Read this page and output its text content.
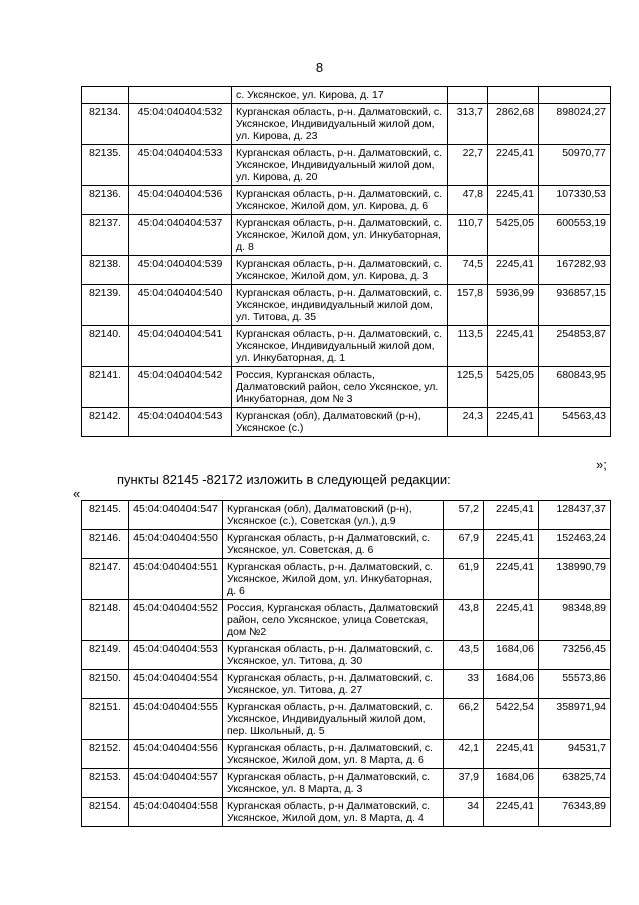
8
		с. Уксянское, ул. Кирова, д. 17			
82134.	45:04:040404:532	Курганская область, р-н. Далматовский, с. Уксянское, Индивидуальный жилой дом, ул. Кирова, д. 23	313,7	2862,68	898024,27
82135.	45:04:040404:533	Курганская область, р-н. Далматовский, с. Уксянское, Индивидуальный жилой дом, ул. Кирова, д. 20	22,7	2245,41	50970,77
82136.	45:04:040404:536	Курганская область, р-н. Далматовский, с. Уксянское, Жилой дом, ул. Кирова, д. 6	47,8	2245,41	107330,53
82137.	45:04:040404:537	Курганская область, р-н. Далматовский, с. Уксянское, Жилой дом, ул. Инкубаторная, д. 8	110,7	5425,05	600553,19
82138.	45:04:040404:539	Курганская область, р-н. Далматовский, с. Уксянское, Жилой дом, ул. Кирова, д. 3	74,5	2245,41	167282,93
82139.	45:04:040404:540	Курганская область, р-н. Далматовский, с. Уксянское, индивидуальный жилой дом, ул. Титова, д. 35	157,8	5936,99	936857,15
82140.	45:04:040404:541	Курганская область, р-н. Далматовский, с. Уксянское, Индивидуальный жилой дом, ул. Инкубаторная, д. 1	113,5	2245,41	254853,87
82141.	45:04:040404:542	Россия, Курганская область, Далматовский район, село Уксянское, ул. Инкубаторная, дом № 3	125,5	5425,05	680843,95
82142.	45:04:040404:543	Курганская (обл), Далматовский (р-н), Уксянское (с.)	24,3	2245,41	54563,43
»;
пункты 82145 -82172 изложить в следующей редакции:
«
82145.	45:04:040404:547	Курганская (обл), Далматовский (р-н), Уксянское (с.), Советская (ул.), д.9	57,2	2245,41	128437,37
82146.	45:04:040404:550	Курганская область, р-н Далматовский, с. Уксянское, ул. Советская, д. 6	67,9	2245,41	152463,24
82147.	45:04:040404:551	Курганская область, р-н. Далматовский, с. Уксянское, Жилой дом, ул. Инкубаторная, д. 6	61,9	2245,41	138990,79
82148.	45:04:040404:552	Россия, Курганская область, Далматовский район, село Уксянское, улица Советская, дом №2	43,8	2245,41	98348,89
82149.	45:04:040404:553	Курганская область, р-н. Далматовский, с. Уксянское, ул. Титова, д. 30	43,5	1684,06	73256,45
82150.	45:04:040404:554	Курганская область, р-н. Далматовский, с. Уксянское, ул. Титова, д. 27	33	1684,06	55573,86
82151.	45:04:040404:555	Курганская область, р-н. Далматовский, с. Уксянское, Индивидуальный жилой дом, пер. Школьный, д. 5	66,2	5422,54	358971,94
82152.	45:04:040404:556	Курганская область, р-н. Далматовский, с. Уксянское, Жилой дом, ул. 8 Марта, д. 6	42,1	2245,41	94531,7
82153.	45:04:040404:557	Курганская область, р-н Далматовский, с. Уксянское, ул. 8 Марта, д. 3	37,9	1684,06	63825,74
82154.	45:04:040404:558	Курганская область, р-н Далматовский, с. Уксянское, Жилой дом, ул. 8 Марта, д. 4	34	2245,41	76343,89
